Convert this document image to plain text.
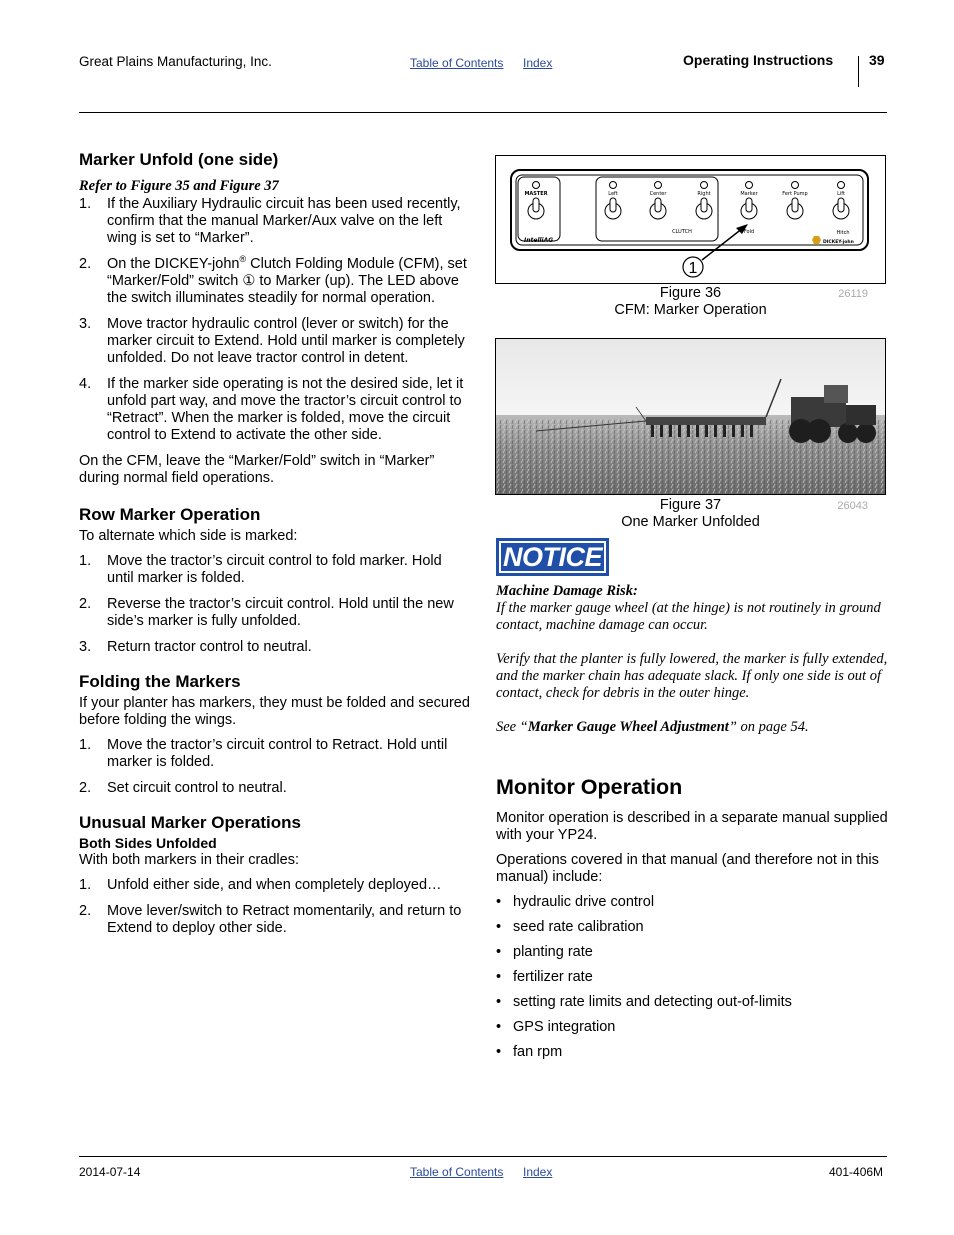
Great Plains Manufacturing, Inc.	Table of Contents Index	Operating Instructions	39
Marker Unfold (one side)
Refer to Figure 35 and Figure 37
1. If the Auxiliary Hydraulic circuit has been used recently, confirm that the manual Marker/Aux valve on the left wing is set to “Marker”.
2. On the DICKEY-john® Clutch Folding Module (CFM), set “Marker/Fold” switch ① to Marker (up). The LED above the switch illuminates steadily for normal operation.
3. Move tractor hydraulic control (lever or switch) for the marker circuit to Extend. Hold until marker is completely unfolded. Do not leave tractor control in detent.
4. If the marker side operating is not the desired side, let it unfold part way, and move the tractor’s circuit control to “Retract”. When the marker is folded, move the circuit control to Extend to activate the other side.

On the CFM, leave the “Marker/Fold” switch in “Marker” during normal field operations.

Row Marker Operation

To alternate which side is marked:

1. Move the tractor’s circuit control to fold marker. Hold until marker is folded.
2. Reverse the tractor’s circuit control. Hold until the new side’s marker is fully unfolded.
3. Return tractor control to neutral.
Folding the Markers

If your planter has markers, they must be folded and secured before folding the wings.

1. Move the tractor’s circuit control to Retract. Hold until marker is folded.
2. Set circuit control to neutral.
Unusual Marker Operations
Both Sides Unfolded

With both markers in their cradles:

1. Unfold either side, and when completely deployed…
2. Move lever/switch to Retract momentarily, and return to Extend to deploy other side.
MASTER	Left	Center	Right	Marker	Fert Pump	Lift
CLUTCH	Fold	Hitch
IntelliAG	DICKEY-john
1
26119
Figure 36
CFM: Marker Operation
26043
Figure 37
One Marker Unfolded
NOTICE
Machine Damage Risk:

If the marker gauge wheel (at the hinge) is not routinely in ground contact, machine damage can occur.

Verify that the planter is fully lowered, the marker is fully extended, and the marker chain has adequate slack. If only one side is out of contact, check for debris in the outer hinge.

See “Marker Gauge Wheel Adjustment” on page 54.

Monitor Operation

Monitor operation is described in a separate manual supplied with your YP24.

Operations covered in that manual (and therefore not in this manual) include:

• hydraulic drive control
• seed rate calibration
• planting rate
• fertilizer rate
• setting rate limits and detecting out-of-limits
• GPS integration
• fan rpm
2014-07-14	Table of Contents Index	401-406M
